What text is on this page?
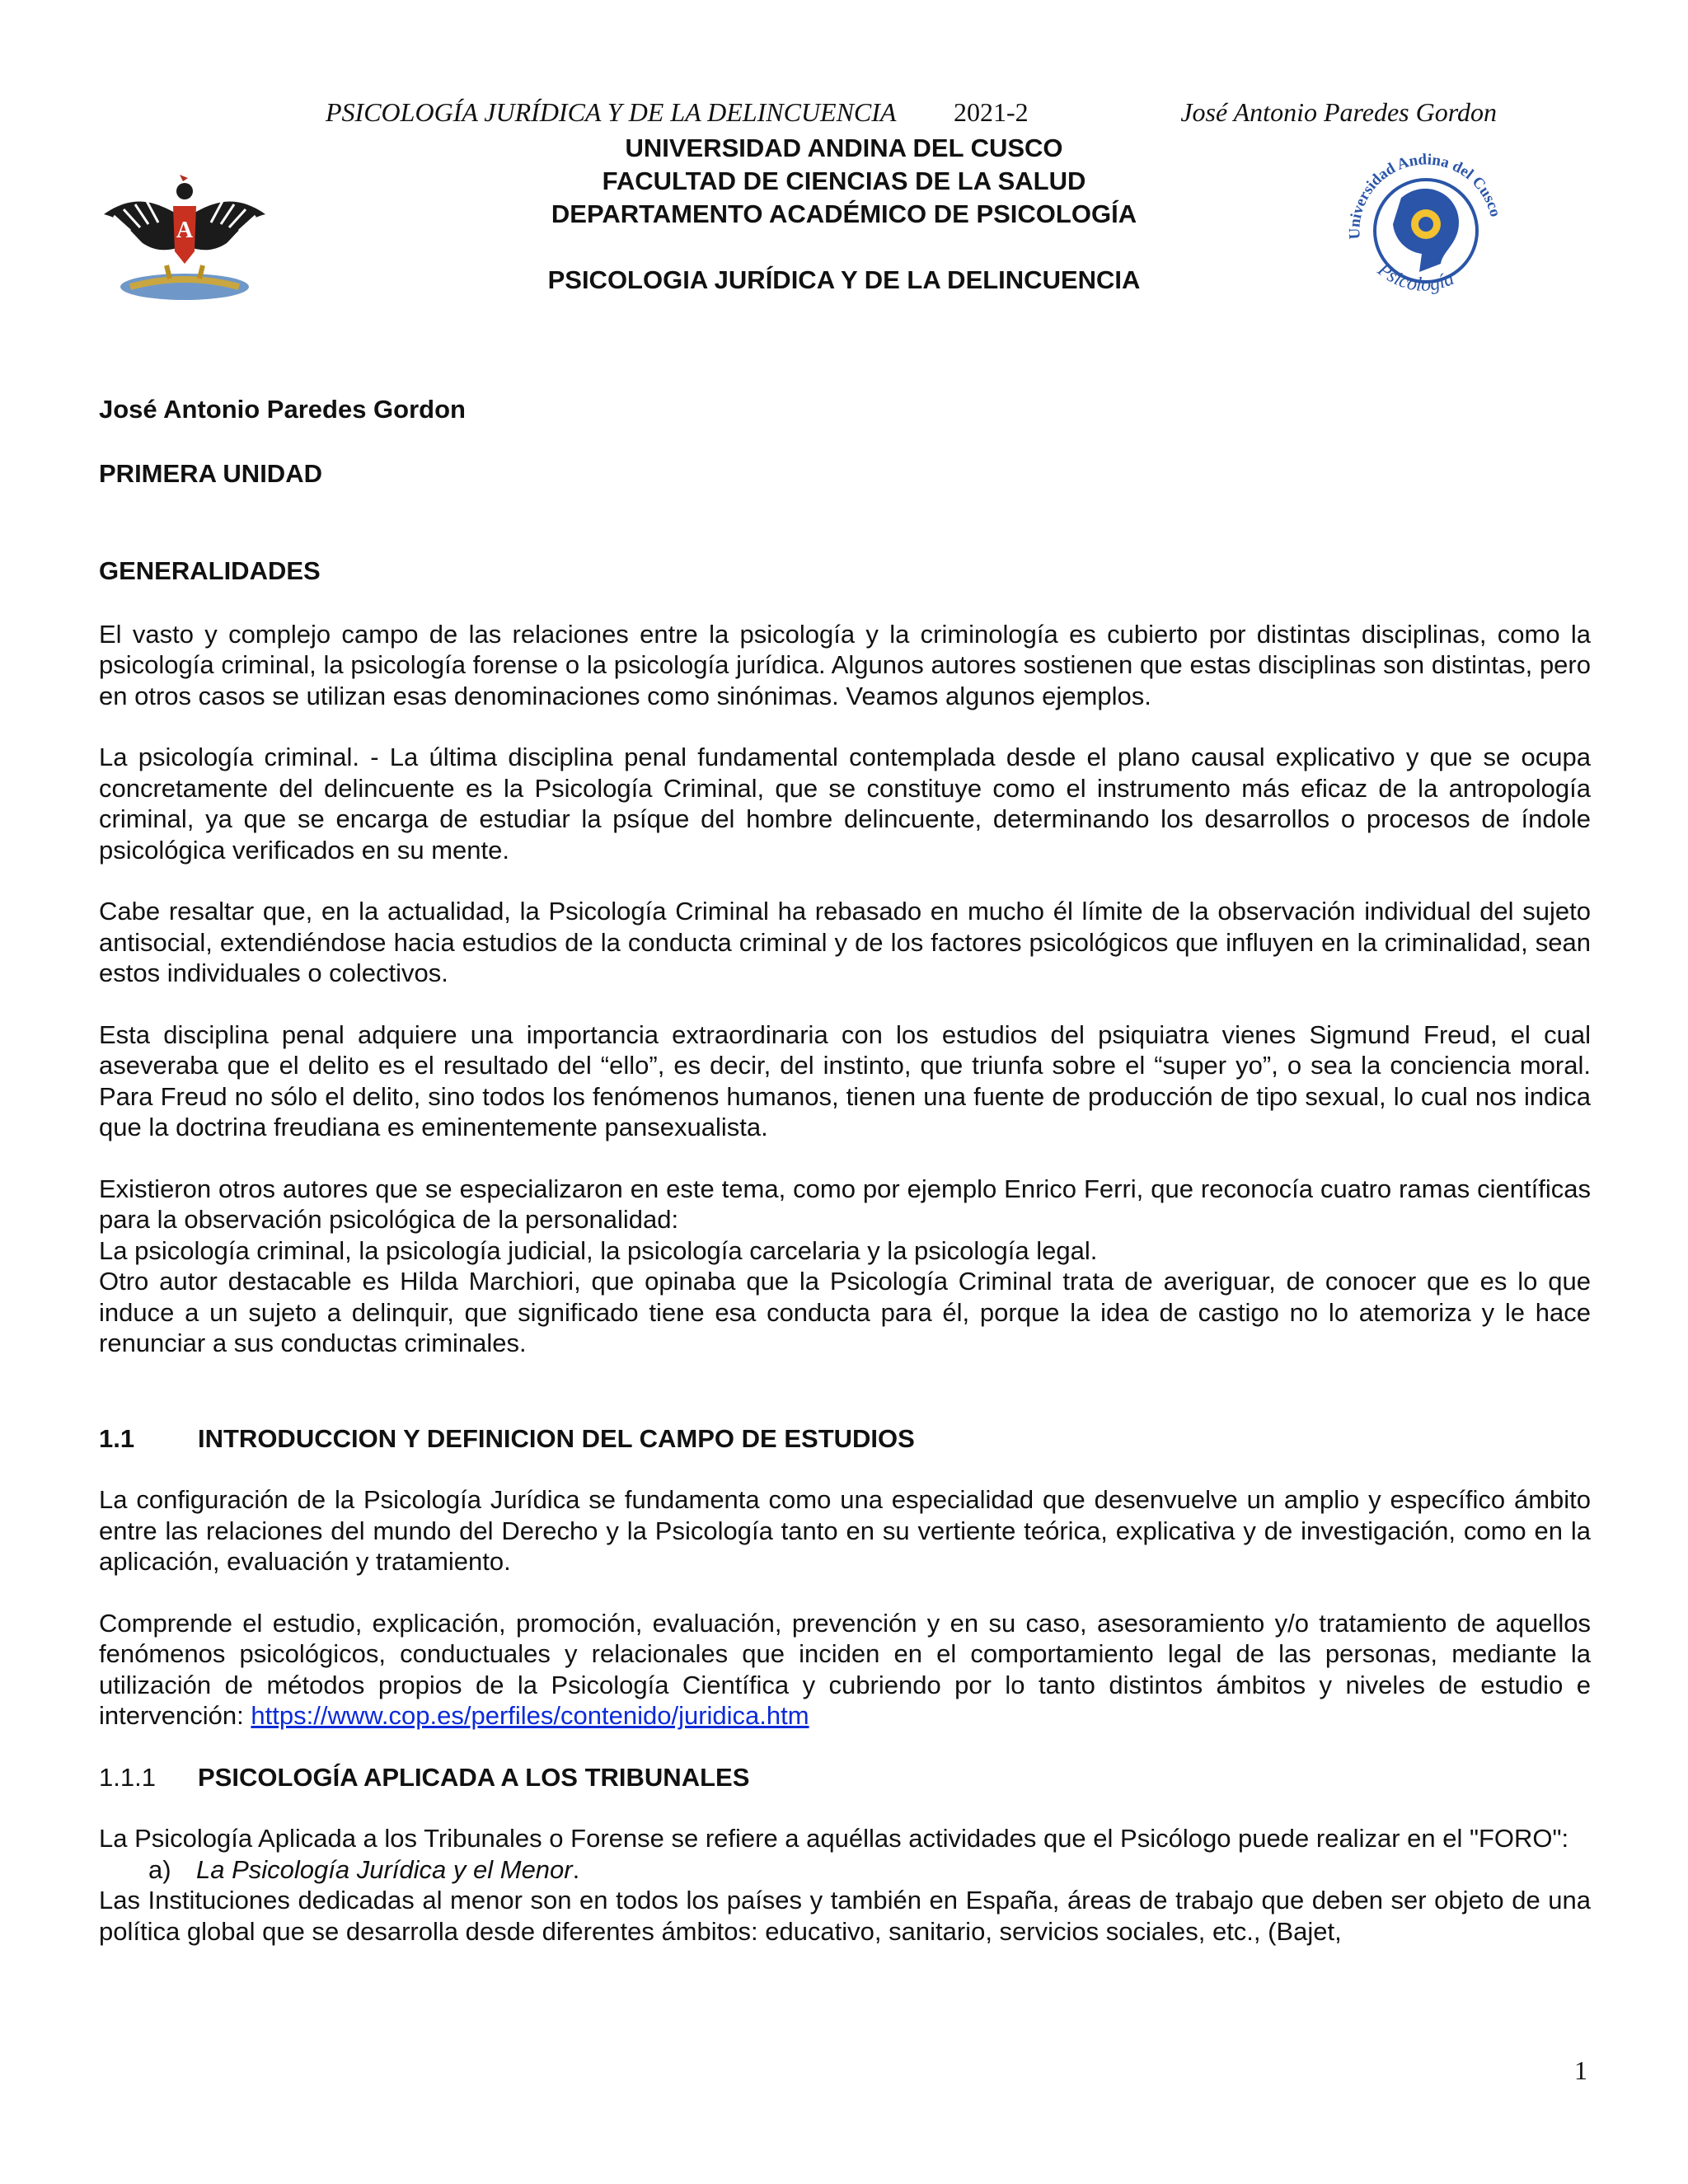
PSICOLOGÍA JURÍDICA Y DE LA DELINCUENCIA 2021-2	José Antonio Paredes Gordon
UNIVERSIDAD ANDINA DEL CUSCO
FACULTAD DE CIENCIAS DE LA SALUD
DEPARTAMENTO ACADÉMICO DE PSICOLOGÍA
PSICOLOGIA JURÍDICA Y DE LA DELINCUENCIA
A	Universidad Andina del Cusco
Psicología
José Antonio Paredes Gordon
PRIMERA UNIDAD
GENERALIDADES

El vasto y complejo campo de las relaciones entre la psicología y la criminología es cubierto por distintas disciplinas, como la psicología criminal, la psicología forense o la psicología jurídica. Algunos autores sostienen que estas disciplinas son distintas, pero en otros casos se utilizan esas denominaciones como sinónimas. Veamos algunos ejemplos.

La psicología criminal. - La última disciplina penal fundamental contemplada desde el plano causal explicativo y que se ocupa concretamente del delincuente es la Psicología Criminal, que se constituye como el instrumento más eficaz de la antropología criminal, ya que se encarga de estudiar la psíque del hombre delincuente, determinando los desarrollos o procesos de índole psicológica verificados en su mente.

Cabe resaltar que, en la actualidad, la Psicología Criminal ha rebasado en mucho él límite de la observación individual del sujeto antisocial, extendiéndose hacia estudios de la conducta criminal y de los factores psicológicos que influyen en la criminalidad, sean estos individuales o colectivos.

Esta disciplina penal adquiere una importancia extraordinaria con los estudios del psiquiatra vienes Sigmund Freud, el cual aseveraba que el delito es el resultado del “ello”, es decir, del instinto, que triunfa sobre el “super yo”, o sea la conciencia moral. Para Freud no sólo el delito, sino todos los fenómenos humanos, tienen una fuente de producción de tipo sexual, lo cual nos indica que la doctrina freudiana es eminentemente pansexualista.

Existieron otros autores que se especializaron en este tema, como por ejemplo Enrico Ferri, que reconocía cuatro ramas científicas para la observación psicológica de la personalidad:

La psicología criminal, la psicología judicial, la psicología carcelaria y la psicología legal.

Otro autor destacable es Hilda Marchiori, que opinaba que la Psicología Criminal trata de averiguar, de conocer que es lo que induce a un sujeto a delinquir, que significado tiene esa conducta para él, porque la idea de castigo no lo atemoriza y le hace renunciar a sus conductas criminales.

1.1 INTRODUCCION Y DEFINICION DEL CAMPO DE ESTUDIOS

La configuración de la Psicología Jurídica se fundamenta como una especialidad que desenvuelve un amplio y específico ámbito entre las relaciones del mundo del Derecho y la Psicología tanto en su vertiente teórica, explicativa y de investigación, como en la aplicación, evaluación y tratamiento.

Comprende el estudio, explicación, promoción, evaluación, prevención y en su caso, asesoramiento y/o tratamiento de aquellos fenómenos psicológicos, conductuales y relacionales que inciden en el comportamiento legal de las personas, mediante la utilización de métodos propios de la Psicología Científica y cubriendo por lo tanto distintos ámbitos y niveles de estudio e intervención: https://www.cop.es/perfiles/contenido/juridica.htm

1.1.1 PSICOLOGÍA APLICADA A LOS TRIBUNALES

La Psicología Aplicada a los Tribunales o Forense se refiere a aquéllas actividades que el Psicólogo puede realizar en el "FORO":

a) La Psicología Jurídica y el Menor.

Las Instituciones dedicadas al menor son en todos los países y también en España, áreas de trabajo que deben ser objeto de una política global que se desarrolla desde diferentes ámbitos: educativo, sanitario, servicios sociales, etc., (Bajet,

1
